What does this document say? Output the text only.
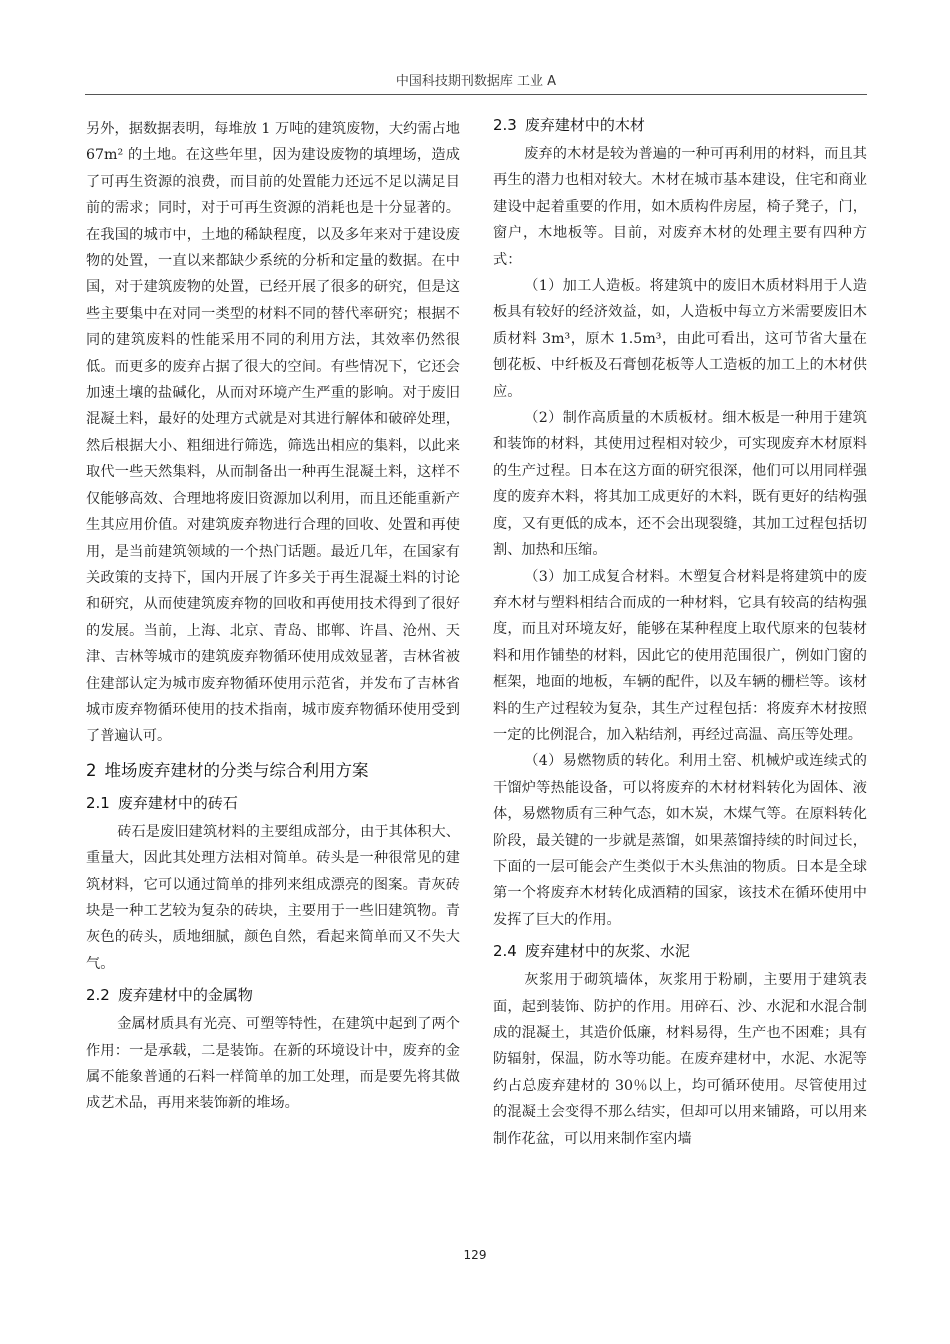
中国科技期刊数据库 工业 A

另外，据数据表明，每堆放 1 万吨的建筑废物，大约需占地 67m² 的土地。在这些年里，因为建设废物的填埋场，造成了可再生资源的浪费，而目前的处置能力还远不足以满足目前的需求；同时，对于可再生资源的消耗也是十分显著的。在我国的城市中，土地的稀缺程度，以及多年来对于建设废物的处置，一直以来都缺少系统的分析和定量的数据。在中国，对于建筑废物的处置，已经开展了很多的研究，但是这些主要集中在对同一类型的材料不同的替代率研究；根据不同的建筑废料的性能采用不同的利用方法，其效率仍然很低。而更多的废弃占据了很大的空间。有些情况下，它还会加速土壤的盐碱化，从而对环境产生严重的影响。对于废旧混凝土料，最好的处理方式就是对其进行解体和破碎处理，然后根据大小、粗细进行筛选，筛选出相应的集料，以此来取代一些天然集料，从而制备出一种再生混凝土料，这样不仅能够高效、合理地将废旧资源加以利用，而且还能重新产生其应用价值。对建筑废弃物进行合理的回收、处置和再使用，是当前建筑领域的一个热门话题。最近几年，在国家有关政策的支持下，国内开展了许多关于再生混凝土料的讨论和研究，从而使建筑废弃物的回收和再使用技术得到了很好的发展。当前，上海、北京、青岛、邯郸、许昌、沧州、天津、吉林等城市的建筑废弃物循环使用成效显著，吉林省被住建部认定为城市废弃物循环使用示范省，并发布了吉林省城市废弃物循环使用的技术指南，城市废弃物循环使用受到了普遍认可。

2 堆场废弃建材的分类与综合利用方案
2.1 废弃建材中的砖石

砖石是废旧建筑材料的主要组成部分，由于其体积大、重量大，因此其处理方法相对简单。砖头是一种很常见的建筑材料，它可以通过简单的排列来组成漂亮的图案。青灰砖块是一种工艺较为复杂的砖块，主要用于一些旧建筑物。青灰色的砖头，质地细腻，颜色自然，看起来简单而又不失大气。

2.2 废弃建材中的金属物

金属材质具有光亮、可塑等特性，在建筑中起到了两个作用：一是承载，二是装饰。在新的环境设计中，废弃的金属不能象普通的石料一样简单的加工处理，而是要先将其做成艺术品，再用来装饰新的堆场。

2.3 废弃建材中的木材

废弃的木材是较为普遍的一种可再利用的材料，而且其再生的潜力也相对较大。木材在城市基本建设，住宅和商业建设中起着重要的作用，如木质构件房屋，椅子凳子，门，窗户，木地板等。目前，对废弃木材的处理主要有四种方式：

（1）加工人造板。将建筑中的废旧木质材料用于人造板具有较好的经济效益，如，人造板中每立方米需要废旧木质材料 3m³，原木 1.5m³，由此可看出，这可节省大量在刨花板、中纤板及石膏刨花板等人工造板的加工上的木材供应。

（2）制作高质量的木质板材。细木板是一种用于建筑和装饰的材料，其使用过程相对较少，可实现废弃木材原料的生产过程。日本在这方面的研究很深，他们可以用同样强度的废弃木料，将其加工成更好的木料，既有更好的结构强度，又有更低的成本，还不会出现裂缝，其加工过程包括切割、加热和压缩。

（3）加工成复合材料。木塑复合材料是将建筑中的废弃木材与塑料相结合而成的一种材料，它具有较高的结构强度，而且对环境友好，能够在某种程度上取代原来的包装材料和用作铺垫的材料，因此它的使用范围很广，例如门窗的框架，地面的地板，车辆的配件，以及车辆的栅栏等。该材料的生产过程较为复杂，其生产过程包括：将废弃木材按照一定的比例混合，加入粘结剂，再经过高温、高压等处理。

（4）易燃物质的转化。利用土窑、机械炉或连续式的干馏炉等热能设备，可以将废弃的木材材料转化为固体、液体，易燃物质有三种气态，如木炭，木煤气等。在原料转化阶段，最关键的一步就是蒸馏，如果蒸馏持续的时间过长，下面的一层可能会产生类似于木头焦油的物质。日本是全球第一个将废弃木材转化成酒精的国家，该技术在循环使用中发挥了巨大的作用。

2.4 废弃建材中的灰浆、水泥

灰浆用于砌筑墙体，灰浆用于粉刷，主要用于建筑表面，起到装饰、防护的作用。用碎石、沙、水泥和水混合制成的混凝土，其造价低廉，材料易得，生产也不困难；具有防辐射，保温，防水等功能。在废弃建材中，水泥、水泥等约占总废弃建材的 30％以上，均可循环使用。尽管使用过的混凝土会变得不那么结实，但却可以用来铺路，可以用来制作花盆，可以用来制作室内墙

129
